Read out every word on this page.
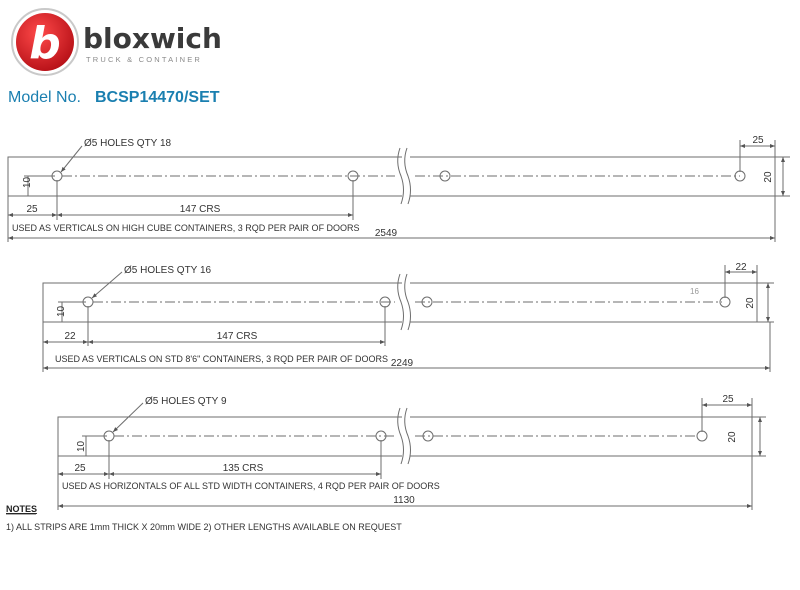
b bloxwich
TRUCK & CONTAINER
Model No. BCSP14470/SET
Ø5 HOLES QTY 18
10
25	147 CRS
25
20
USED AS VERTICALS ON HIGH CUBE CONTAINERS, 3 RQD PER PAIR OF DOORS 2549
Ø5 HOLES QTY 16
10
22	147 CRS
22
20
16
USED AS VERTICALS ON STD 8'6" CONTAINERS, 3 RQD PER PAIR OF DOORS 2249
Ø5 HOLES QTY 9
10
25	135 CRS
25
20
USED AS HORIZONTALS OF ALL STD WIDTH CONTAINERS, 4 RQD PER PAIR OF DOORS
1130
NOTES
1) ALL STRIPS ARE 1mm THICK X 20mm WIDE 2) OTHER LENGTHS AVAILABLE ON REQUEST
